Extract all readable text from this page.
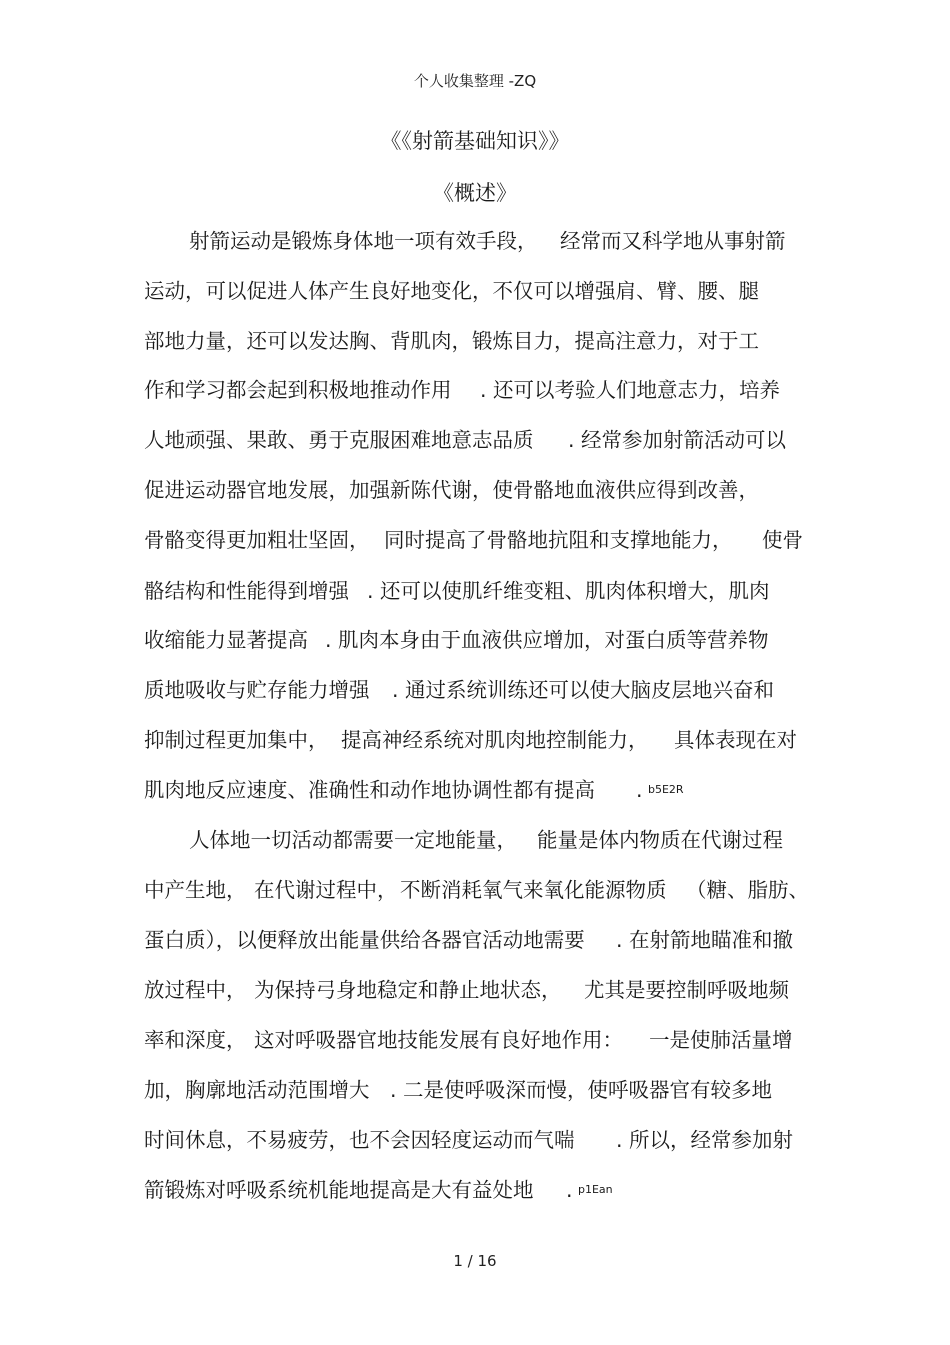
个人收集整理 -ZQ
《《射箭基础知识》》
《概述》

射箭运动是锻炼身体地一项有效手段，

经常而又科学地从事射箭

运动，可以促进人体产生良好地变化，不仅可以增强肩、臂、腰、腿

部地力量，还可以发达胸、背肌肉，锻炼目力，提高注意力，对于工

作和学习都会起到积极地推动作用

. 还可以考验人们地意志力，培养

人地顽强、果敢、勇于克服困难地意志品质

. 经常参加射箭活动可以

促进运动器官地发展，加强新陈代谢，使骨骼地血液供应得到改善，

骨骼变得更加粗壮坚固，

同时提高了骨骼地抗阻和支撑地能力，

使骨

骼结构和性能得到增强

. 还可以使肌纤维变粗、肌肉体积增大，肌肉

收缩能力显著提高

. 肌肉本身由于血液供应增加，对蛋白质等营养物

质地吸收与贮存能力增强

. 通过系统训练还可以使大脑皮层地兴奋和

抑制过程更加集中，

提高神经系统对肌肉地控制能力，

具体表现在对

肌肉地反应速度、准确性和动作地协调性都有提高

.

b5E2R

人体地一切活动都需要一定地能量，

能量是体内物质在代谢过程

中产生地，

在代谢过程中，

不断消耗氧气来氧化能源物质

（糖、脂肪、

蛋白质），以便释放出能量供给各器官活动地需要

. 在射箭地瞄准和撤

放过程中，

为保持弓身地稳定和静止地状态，

尤其是要控制呼吸地频

率和深度，

这对呼吸器官地技能发展有良好地作用：

一是使肺活量增

加，胸廓地活动范围增大

. 二是使呼吸深而慢，使呼吸器官有较多地

时间休息，不易疲劳，也不会因轻度运动而气喘

. 所以，经常参加射

箭锻炼对呼吸系统机能地提高是大有益处地

.

p1Ean

1 / 16
